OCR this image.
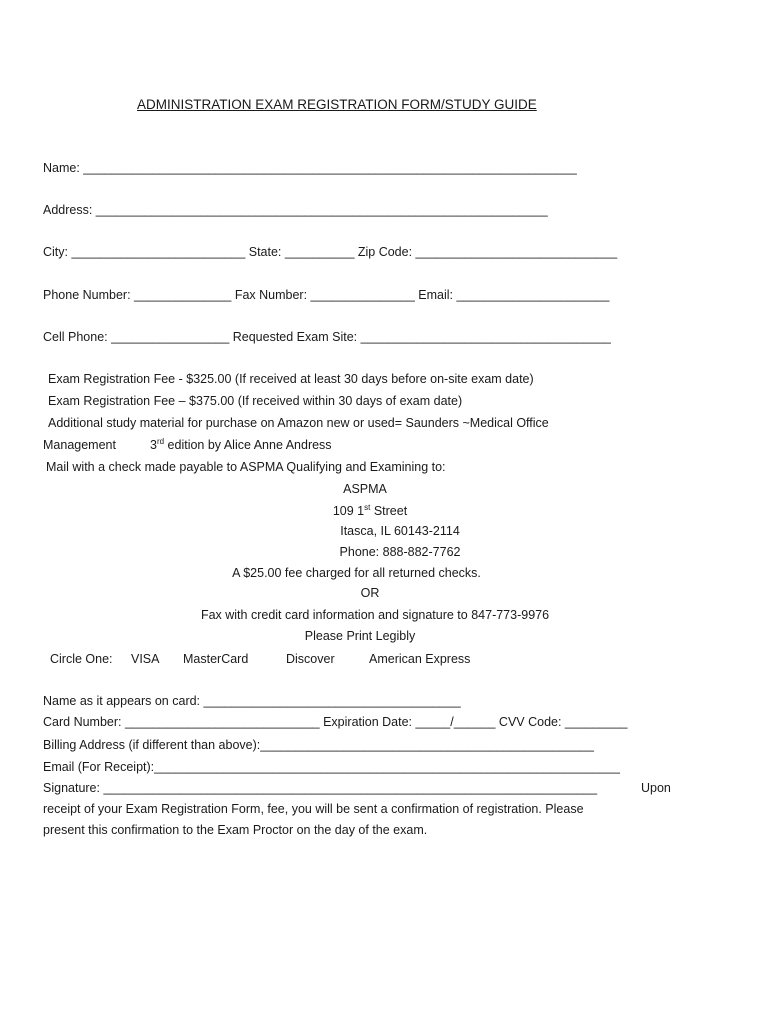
ADMINISTRATION EXAM REGISTRATION FORM/STUDY GUIDE
Name: _______________________________________________________________________
Address: _________________________________________________________________
City: _________________________ State: __________ Zip Code: _____________________________
Phone Number: ______________ Fax Number: _______________ Email: ______________________
Cell Phone: _________________ Requested Exam Site: ____________________________________
Exam Registration Fee - $325.00 (If received at least 30 days before on-site exam date)
Exam Registration Fee – $375.00 (If received within 30 days of exam date)
Additional study material for purchase on Amazon new or used= Saunders ~Medical Office
Management	3rd edition by Alice Anne Andress
Mail with a check made payable to ASPMA Qualifying and Examining to:
ASPMA
109 1st Street
Itasca, IL 60143-2114
Phone: 888-882-7762
A $25.00 fee charged for all returned checks.
OR
Fax with credit card information and signature to 847-773-9976
Please Print Legibly
Circle One: VISA MasterCard	Discover	American Express
Name as it appears on card: _____________________________________
Card Number: ____________________________ Expiration Date: _____/______ CVV Code: _________
Billing Address (if different than above):________________________________________________
Email (For Receipt):___________________________________________________________________
Signature: _______________________________________________________________________	Upon
receipt of your Exam Registration Form, fee, you will be sent a confirmation of registration. Please
present this confirmation to the Exam Proctor on the day of the exam.
